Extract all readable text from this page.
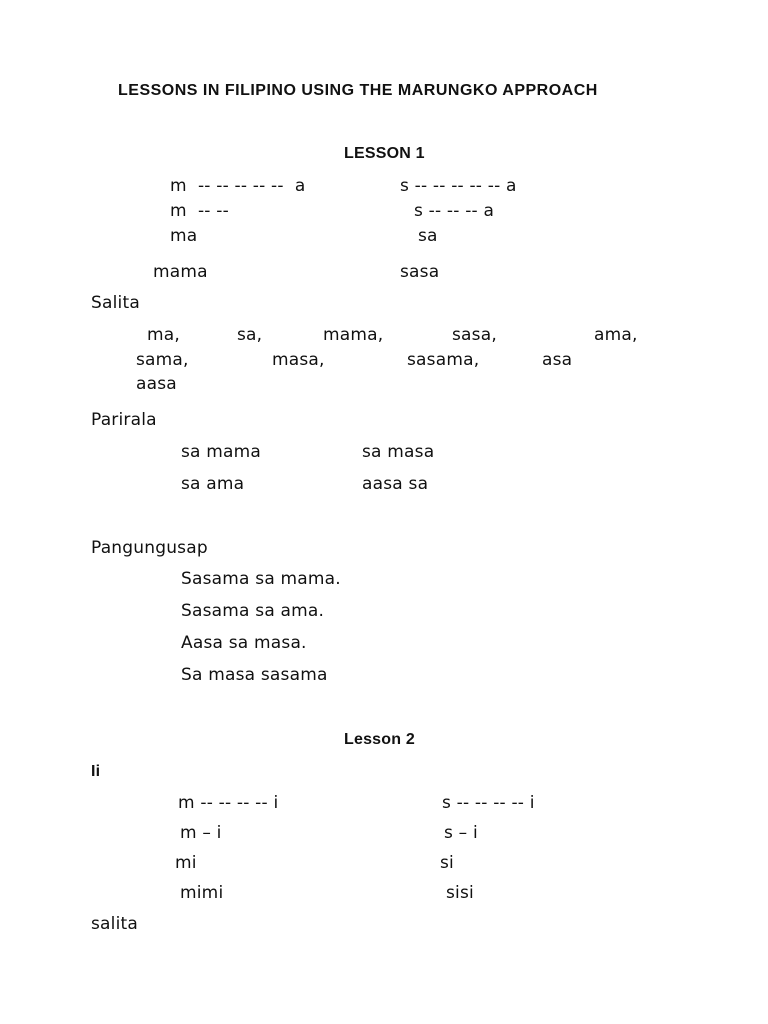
LESSONS IN FILIPINO USING THE MARUNGKO APPROACH
LESSON 1
m  -- -- -- -- --  a	s -- -- -- -- -- a
m  -- --	s -- -- -- a
ma	sa
mama	sasa
Salita
ma,	sa,	mama,	sasa,	ama,
sama,	masa,	sasama,	asa
aasa
Parirala
sa mama	sa masa
sa ama	aasa sa
Pangungusap
Sasama sa mama.
Sasama sa ama.
Aasa sa masa.
Sa masa sasama
Lesson 2
Ii
m -- -- -- -- i	s -- -- -- -- i
m – i	s – i
mi	si
mimi	sisi
salita
